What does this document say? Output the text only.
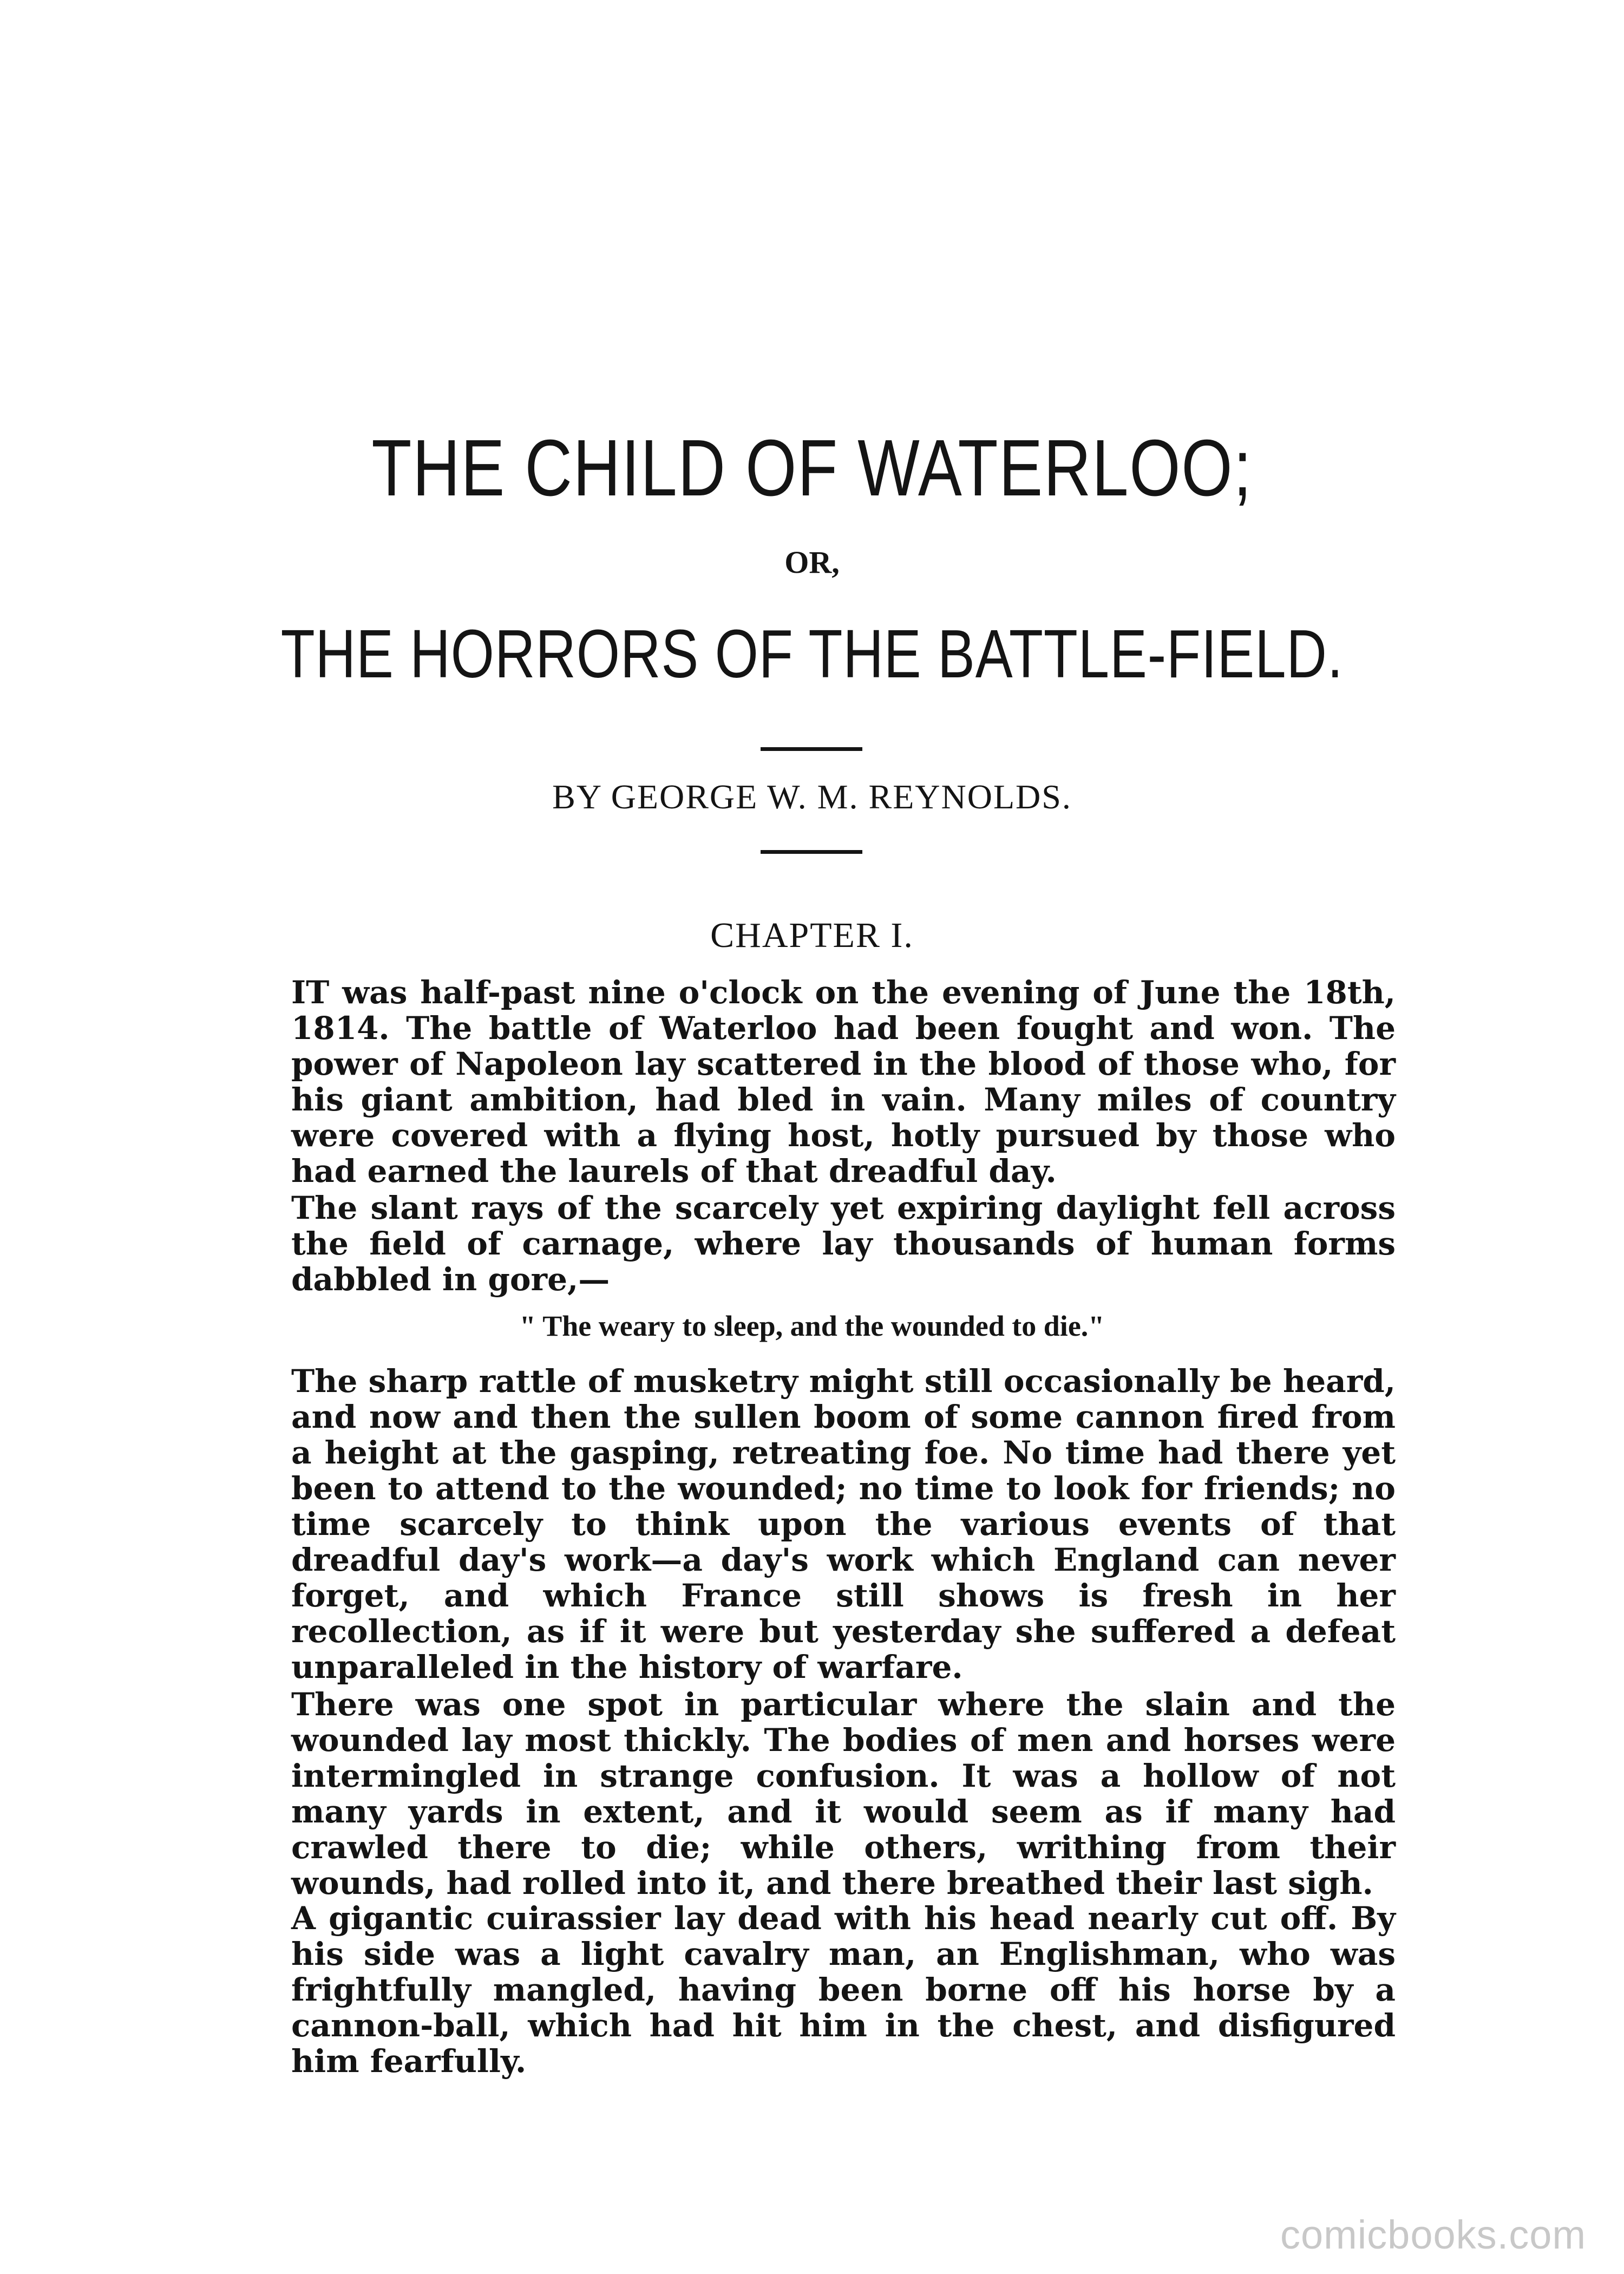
THE CHILD OF WATERLOO;
OR,
THE HORRORS OF THE BATTLE-FIELD.
BY GEORGE W. M. REYNOLDS.
CHAPTER I.

IT was half-past nine o'clock on the evening of June the 18th, 1814. The battle of Waterloo had been fought and won. The power of Napoleon lay scattered in the blood of those who, for his giant ambition, had bled in vain. Many miles of country were covered with a flying host, hotly pursued by those who had earned the laurels of that dreadful day.

The slant rays of the scarcely yet expiring daylight fell across the field of carnage, where lay thousands of human forms dabbled in gore,—

" The weary to sleep, and the wounded to die."

The sharp rattle of musketry might still occasionally be heard, and now and then the sullen boom of some cannon fired from a height at the gasping, retreating foe. No time had there yet been to attend to the wounded; no time to look for friends; no time scarcely to think upon the various events of that dreadful day's work—a day's work which England can never forget, and which France still shows is fresh in her recollection, as if it were but yesterday she suffered a defeat unparalleled in the history of warfare.

There was one spot in particular where the slain and the wounded lay most thickly. The bodies of men and horses were intermingled in strange confusion. It was a hollow of not many yards in extent, and it would seem as if many had crawled there to die; while others, writhing from their wounds, had rolled into it, and there breathed their last sigh.

A gigantic cuirassier lay dead with his head nearly cut off. By his side was a light cavalry man, an Englishman, who was frightfully mangled, having been borne off his horse by a cannon-ball, which had hit him in the chest, and disfigured him fearfully.

comicbooks.com
